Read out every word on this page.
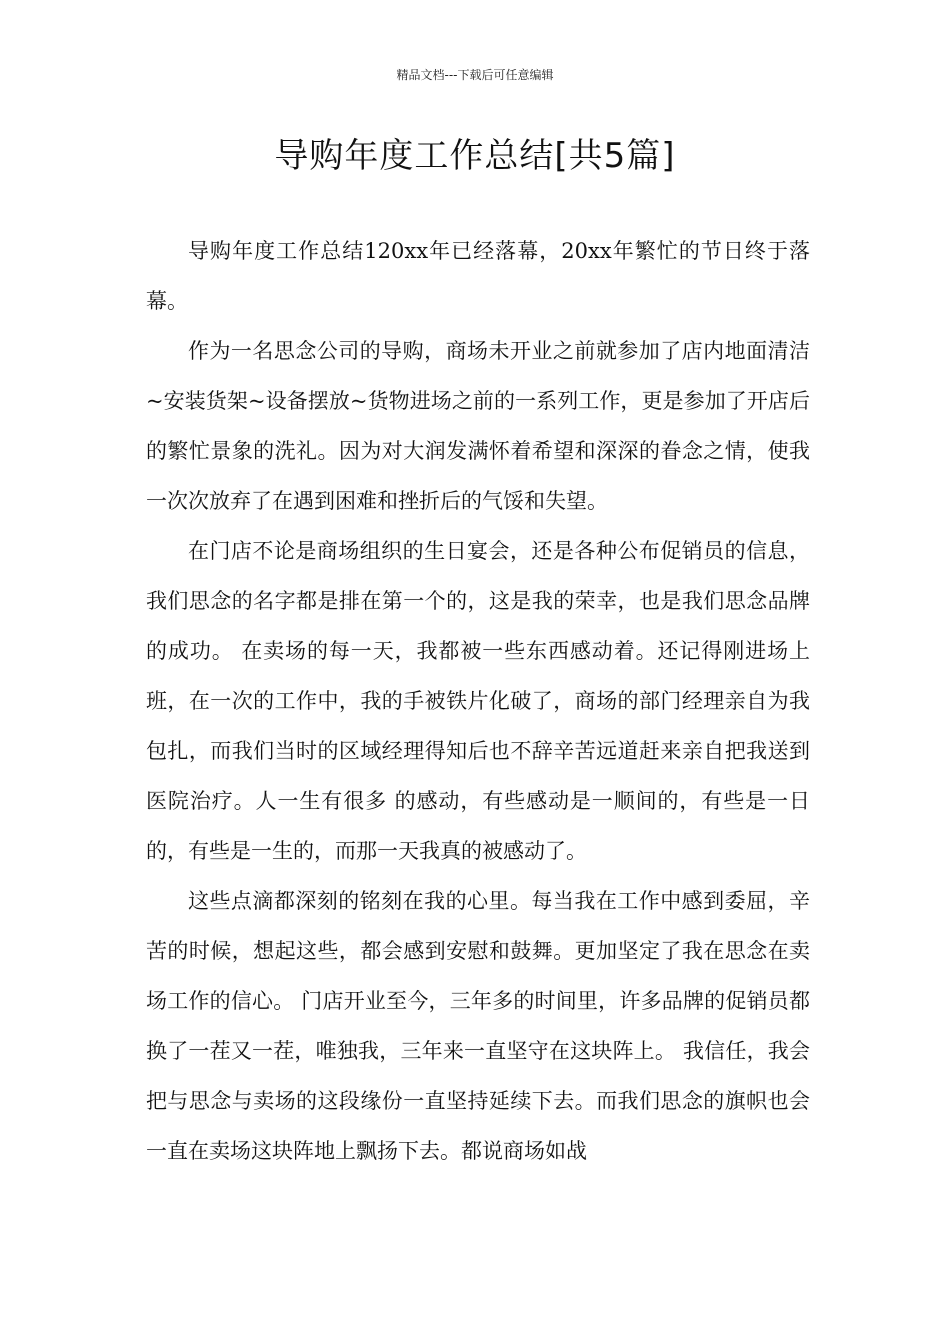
精品文档---下载后可任意编辑
导购年度工作总结[共5篇]

导购年度工作总结120xx年已经落幕，20xx年繁忙的节日终于落幕。

作为一名思念公司的导购，商场未开业之前就参加了店内地面清洁~安装货架~设备摆放~货物进场之前的一系列工作，更是参加了开店后的繁忙景象的洗礼。因为对大润发满怀着希望和深深的眷念之情，使我一次次放弃了在遇到困难和挫折后的气馁和失望。

在门店不论是商场组织的生日宴会，还是各种公布促销员的信息，我们思念的名字都是排在第一个的，这是我的荣幸，也是我们思念品牌的成功。 在卖场的每一天，我都被一些东西感动着。还记得刚进场上班，在一次的工作中，我的手被铁片化破了，商场的部门经理亲自为我包扎，而我们当时的区域经理得知后也不辞辛苦远道赶来亲自把我送到医院治疗。人一生有很多 的感动，有些感动是一顺间的，有些是一日的，有些是一生的，而那一天我真的被感动了。

这些点滴都深刻的铭刻在我的心里。每当我在工作中感到委屈，辛苦的时候，想起这些，都会感到安慰和鼓舞。更加坚定了我在思念在卖场工作的信心。 门店开业至今，三年多的时间里，许多品牌的促销员都换了一茬又一茬，唯独我，三年来一直坚守在这块阵上。 我信任，我会把与思念与卖场的这段缘份一直坚持延续下去。而我们思念的旗帜也会一直在卖场这块阵地上飘扬下去。都说商场如战
